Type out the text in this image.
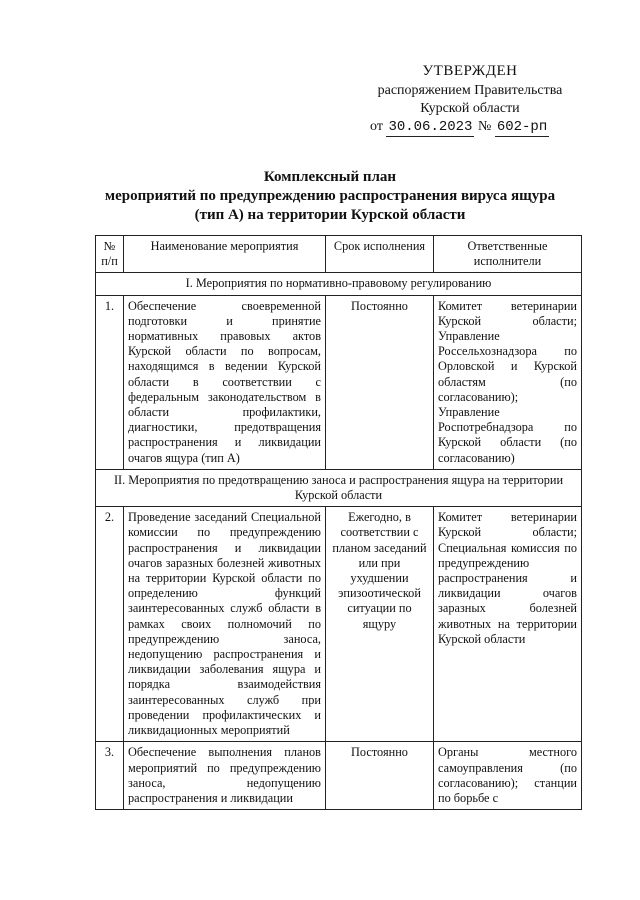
УТВЕРЖДЕН
распоряжением Правительства
Курской области
от 30.06.2023 № 602-рп
Комплексный план
мероприятий по предупреждению распространения вируса ящура
(тип А) на территории Курской области
№ п/п	Наименование мероприятия	Срок исполнения	Ответственные исполнители
I. Мероприятия по нормативно-правовому регулированию			
1.	Обеспечение своевременной подготовки и принятие нормативных правовых актов Курской области по вопросам, находящимся в ведении Курской области в соответствии с федеральным законодательством в области профилактики, диагностики, предотвращения распространения и ликвидации очагов ящура (тип А)	Постоянно	Комитет ветеринарии Курской области; Управление Россельхознадзора по Орловской и Курской областям (по согласованию); Управление Роспотребнадзора по Курской области (по согласованию)
II. Мероприятия по предотвращению заноса и распространения ящура на территории Курской области			
2.	Проведение заседаний Специальной комиссии по предупреждению распространения и ликвидации очагов заразных болезней животных на территории Курской области по определению функций заинтересованных служб области в рамках своих полномочий по предупреждению заноса, недопущению распространения и ликвидации заболевания ящура и порядка взаимодействия заинтересованных служб при проведении профилактических и ликвидационных мероприятий	Ежегодно, в соответствии с планом заседаний или при ухудшении эпизоотической ситуации по ящуру	Комитет ветеринарии Курской области; Специальная комиссия по предупреждению распространения и ликвидации очагов заразных болезней животных на территории Курской области
3.	Обеспечение выполнения планов мероприятий по предупреждению заноса, недопущению распространения и ликвидации	Постоянно	Органы местного самоуправления (по согласованию); станции по борьбе с
